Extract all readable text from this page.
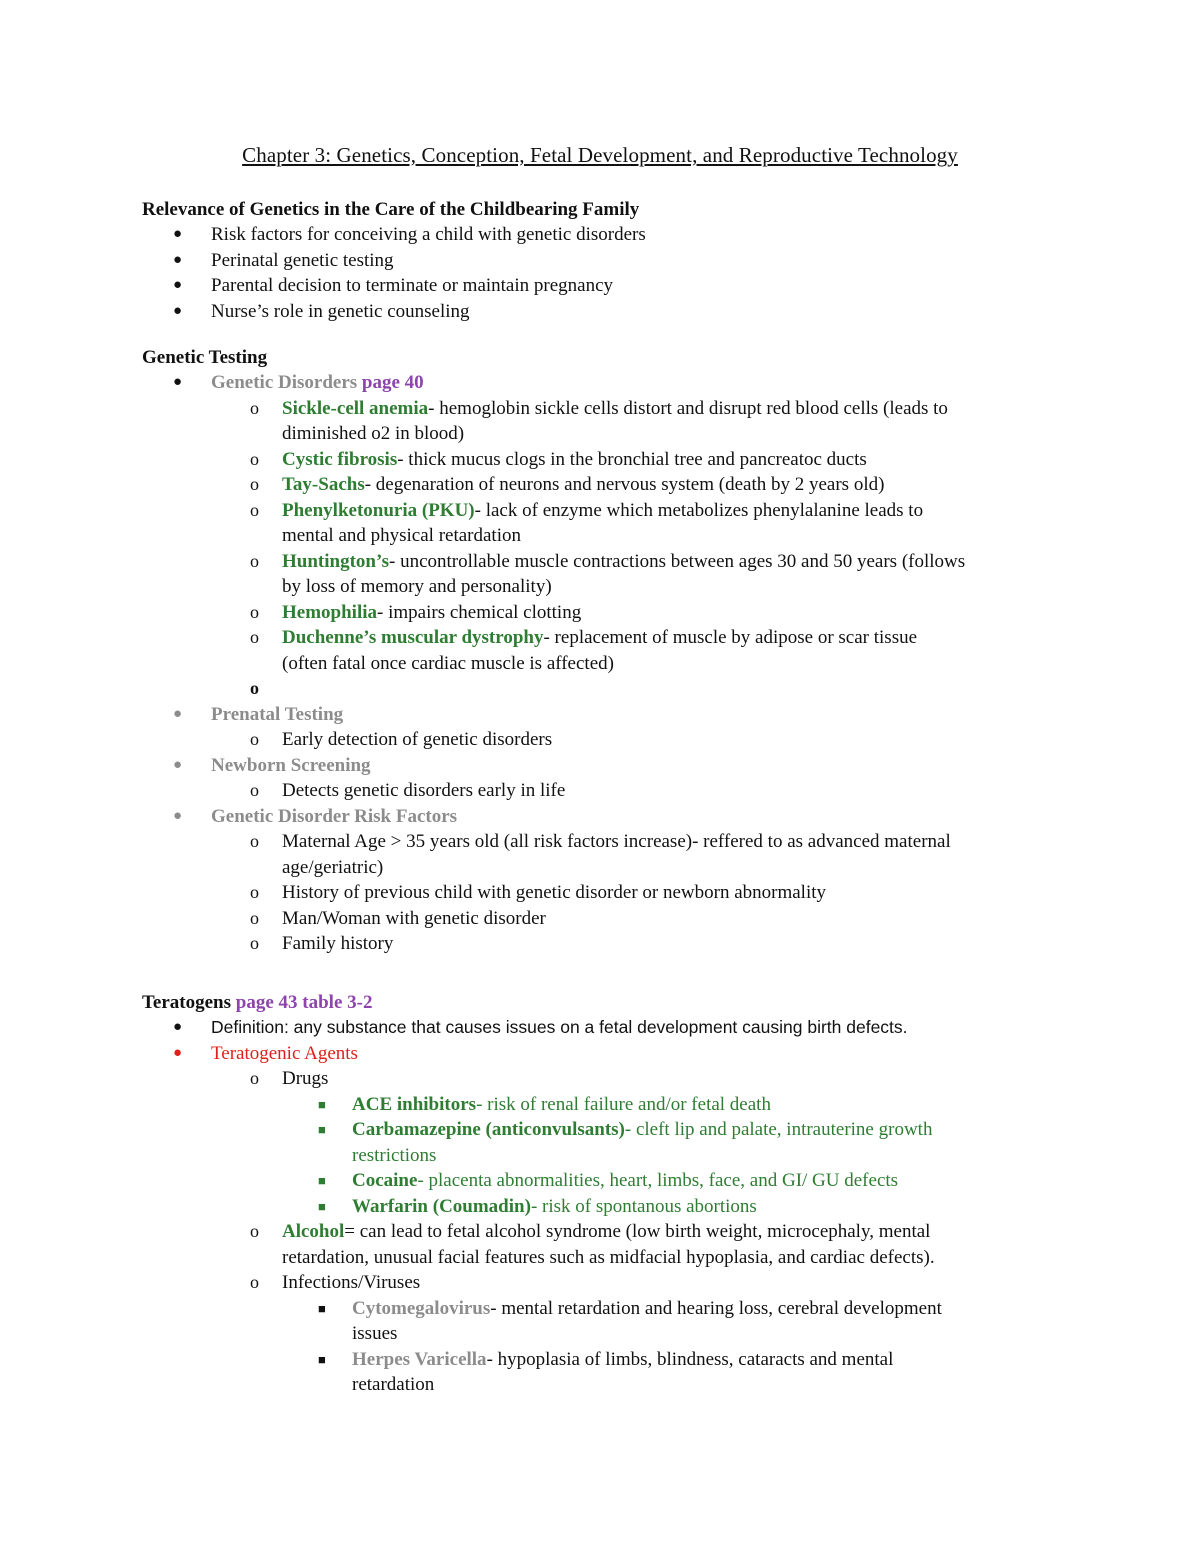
Chapter 3: Genetics, Conception, Fetal Development, and Reproductive Technology
Relevance of Genetics in the Care of the Childbearing Family
● Risk factors for conceiving a child with genetic disorders
● Perinatal genetic testing
● Parental decision to terminate or maintain pregnancy
● Nurse’s role in genetic counseling
Genetic Testing
● Genetic Disorders page 40
o Sickle-cell anemia- hemoglobin sickle cells distort and disrupt red blood cells (leads to
diminished o2 in blood)
o Cystic fibrosis- thick mucus clogs in the bronchial tree and pancreatoc ducts
o Tay-Sachs- degenaration of neurons and nervous system (death by 2 years old)
o Phenylketonuria (PKU)- lack of enzyme which metabolizes phenylalanine leads to
mental and physical retardation
o Huntington’s- uncontrollable muscle contractions between ages 30 and 50 years (follows
by loss of memory and personality)
o Hemophilia- impairs chemical clotting
o Duchenne’s muscular dystrophy- replacement of muscle by adipose or scar tissue
(often fatal once cardiac muscle is affected)
o

● Prenatal Testing
o Early detection of genetic disorders
● Newborn Screening
o Detects genetic disorders early in life
● Genetic Disorder Risk Factors
o Maternal Age > 35 years old (all risk factors increase)- reffered to as advanced maternal
age/geriatric)
o History of previous child with genetic disorder or newborn abnormality
o Man/Woman with genetic disorder
o Family history
Teratogens page 43 table 3-2
● Definition: any substance that causes issues on a fetal development causing birth defects.
● Teratogenic Agents
o Drugs
■ ACE inhibitors- risk of renal failure and/or fetal death
■ Carbamazepine (anticonvulsants)- cleft lip and palate, intrauterine growth
restrictions
■ Cocaine- placenta abnormalities, heart, limbs, face, and GI/ GU defects
■ Warfarin (Coumadin)- risk of spontanous abortions
o Alcohol= can lead to fetal alcohol syndrome (low birth weight, microcephaly, mental
retardation, unusual facial features such as midfacial hypoplasia, and cardiac defects).
o Infections/Viruses
■ Cytomegalovirus- mental retardation and hearing loss, cerebral development
issues
■ Herpes Varicella- hypoplasia of limbs, blindness, cataracts and mental
retardation
